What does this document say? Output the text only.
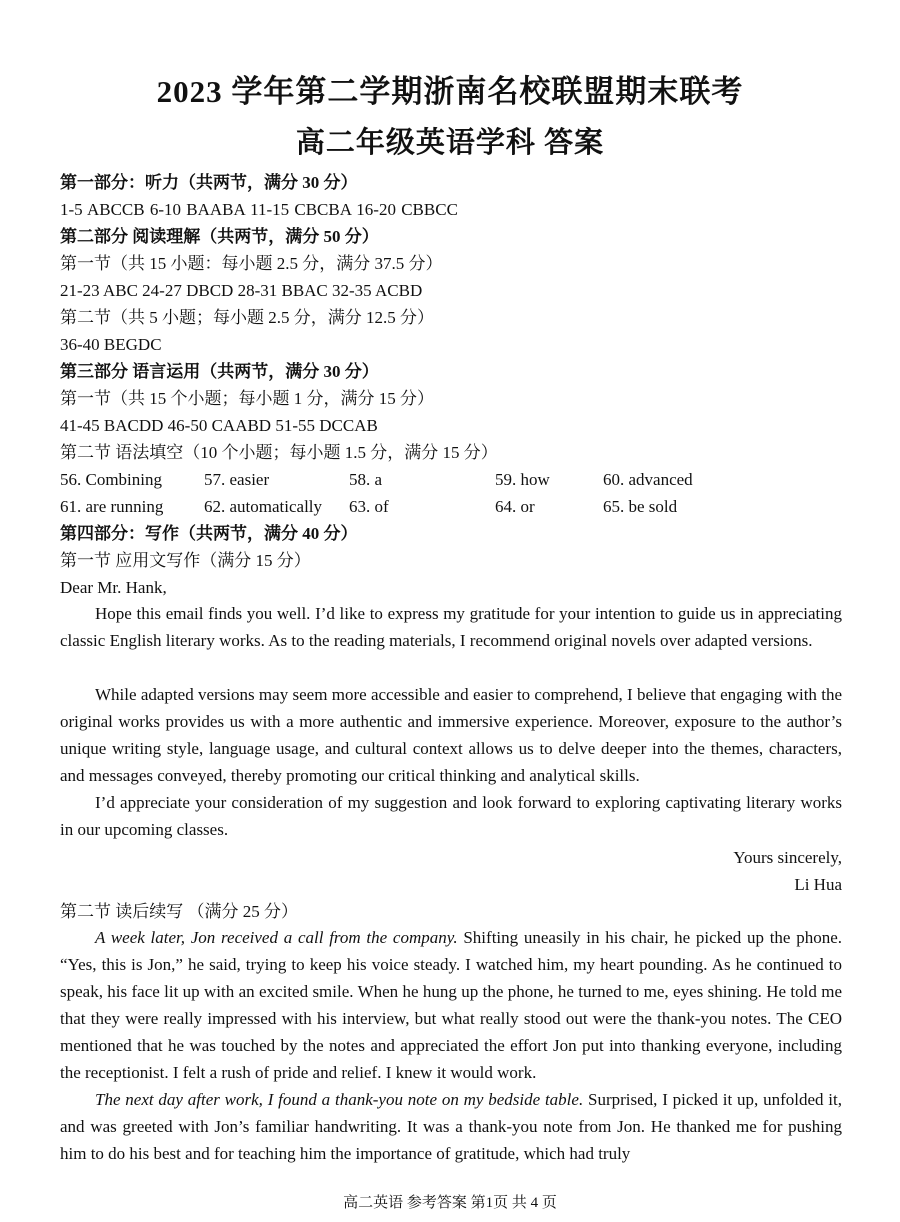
2023 学年第二学期浙南名校联盟期末联考
高二年级英语学科 答案
第一部分：听力（共两节，满分 30 分）
1-5 ABCCB 6-10 BAABA 11-15 CBCBA 16-20 CBBCC
第二部分 阅读理解（共两节，满分 50 分）
第一节（共 15 小题：每小题 2.5 分，满分 37.5 分）
21-23 ABC 24-27 DBCD 28-31 BBAC 32-35 ACBD
第二节（共 5 小题；每小题 2.5 分，满分 12.5 分）
36-40 BEGDC
第三部分 语言运用（共两节，满分 30 分）
第一节（共 15 个小题；每小题 1 分，满分 15 分）
41-45 BACDD 46-50 CAABD 51-55 DCCAB
第二节 语法填空（10 个小题；每小题 1.5 分，满分 15 分）
56. Combining 57. easier	58. a	59. how	60. advanced
61. are running 62. automatically 63. of	64. or	65. be sold
第四部分：写作（共两节，满分 40 分）
第一节 应用文写作（满分 15 分）
Dear Mr. Hank,
Hope this email finds you well. I’d like to express my gratitude for your intention to guide us in appreciating classic English literary works. As to the reading materials, I recommend original novels over adapted versions.
While adapted versions may seem more accessible and easier to comprehend, I believe that engaging with the original works provides us with a more authentic and immersive experience. Moreover, exposure to the author’s unique writing style, language usage, and cultural context allows us to delve deeper into the themes, characters, and messages conveyed, thereby promoting our critical thinking and analytical skills.
I’d appreciate your consideration of my suggestion and look forward to exploring captivating literary works in our upcoming classes.
Yours sincerely,
Li Hua
第二节 读后续写 （满分 25 分）
A week later, Jon received a call from the company. Shifting uneasily in his chair, he picked up the phone. “Yes, this is Jon,” he said, trying to keep his voice steady. I watched him, my heart pounding. As he continued to speak, his face lit up with an excited smile. When he hung up the phone, he turned to me, eyes shining. He told me that they were really impressed with his interview, but what really stood out were the thank-you notes. The CEO mentioned that he was touched by the notes and appreciated the effort Jon put into thanking everyone, including the receptionist. I felt a rush of pride and relief. I knew it would work.
The next day after work, I found a thank-you note on my bedside table. Surprised, I picked it up, unfolded it, and was greeted with Jon’s familiar handwriting. It was a thank-you note from Jon. He thanked me for pushing him to do his best and for teaching him the importance of gratitude, which had truly
高二英语 参考答案 第1页 共 4 页
